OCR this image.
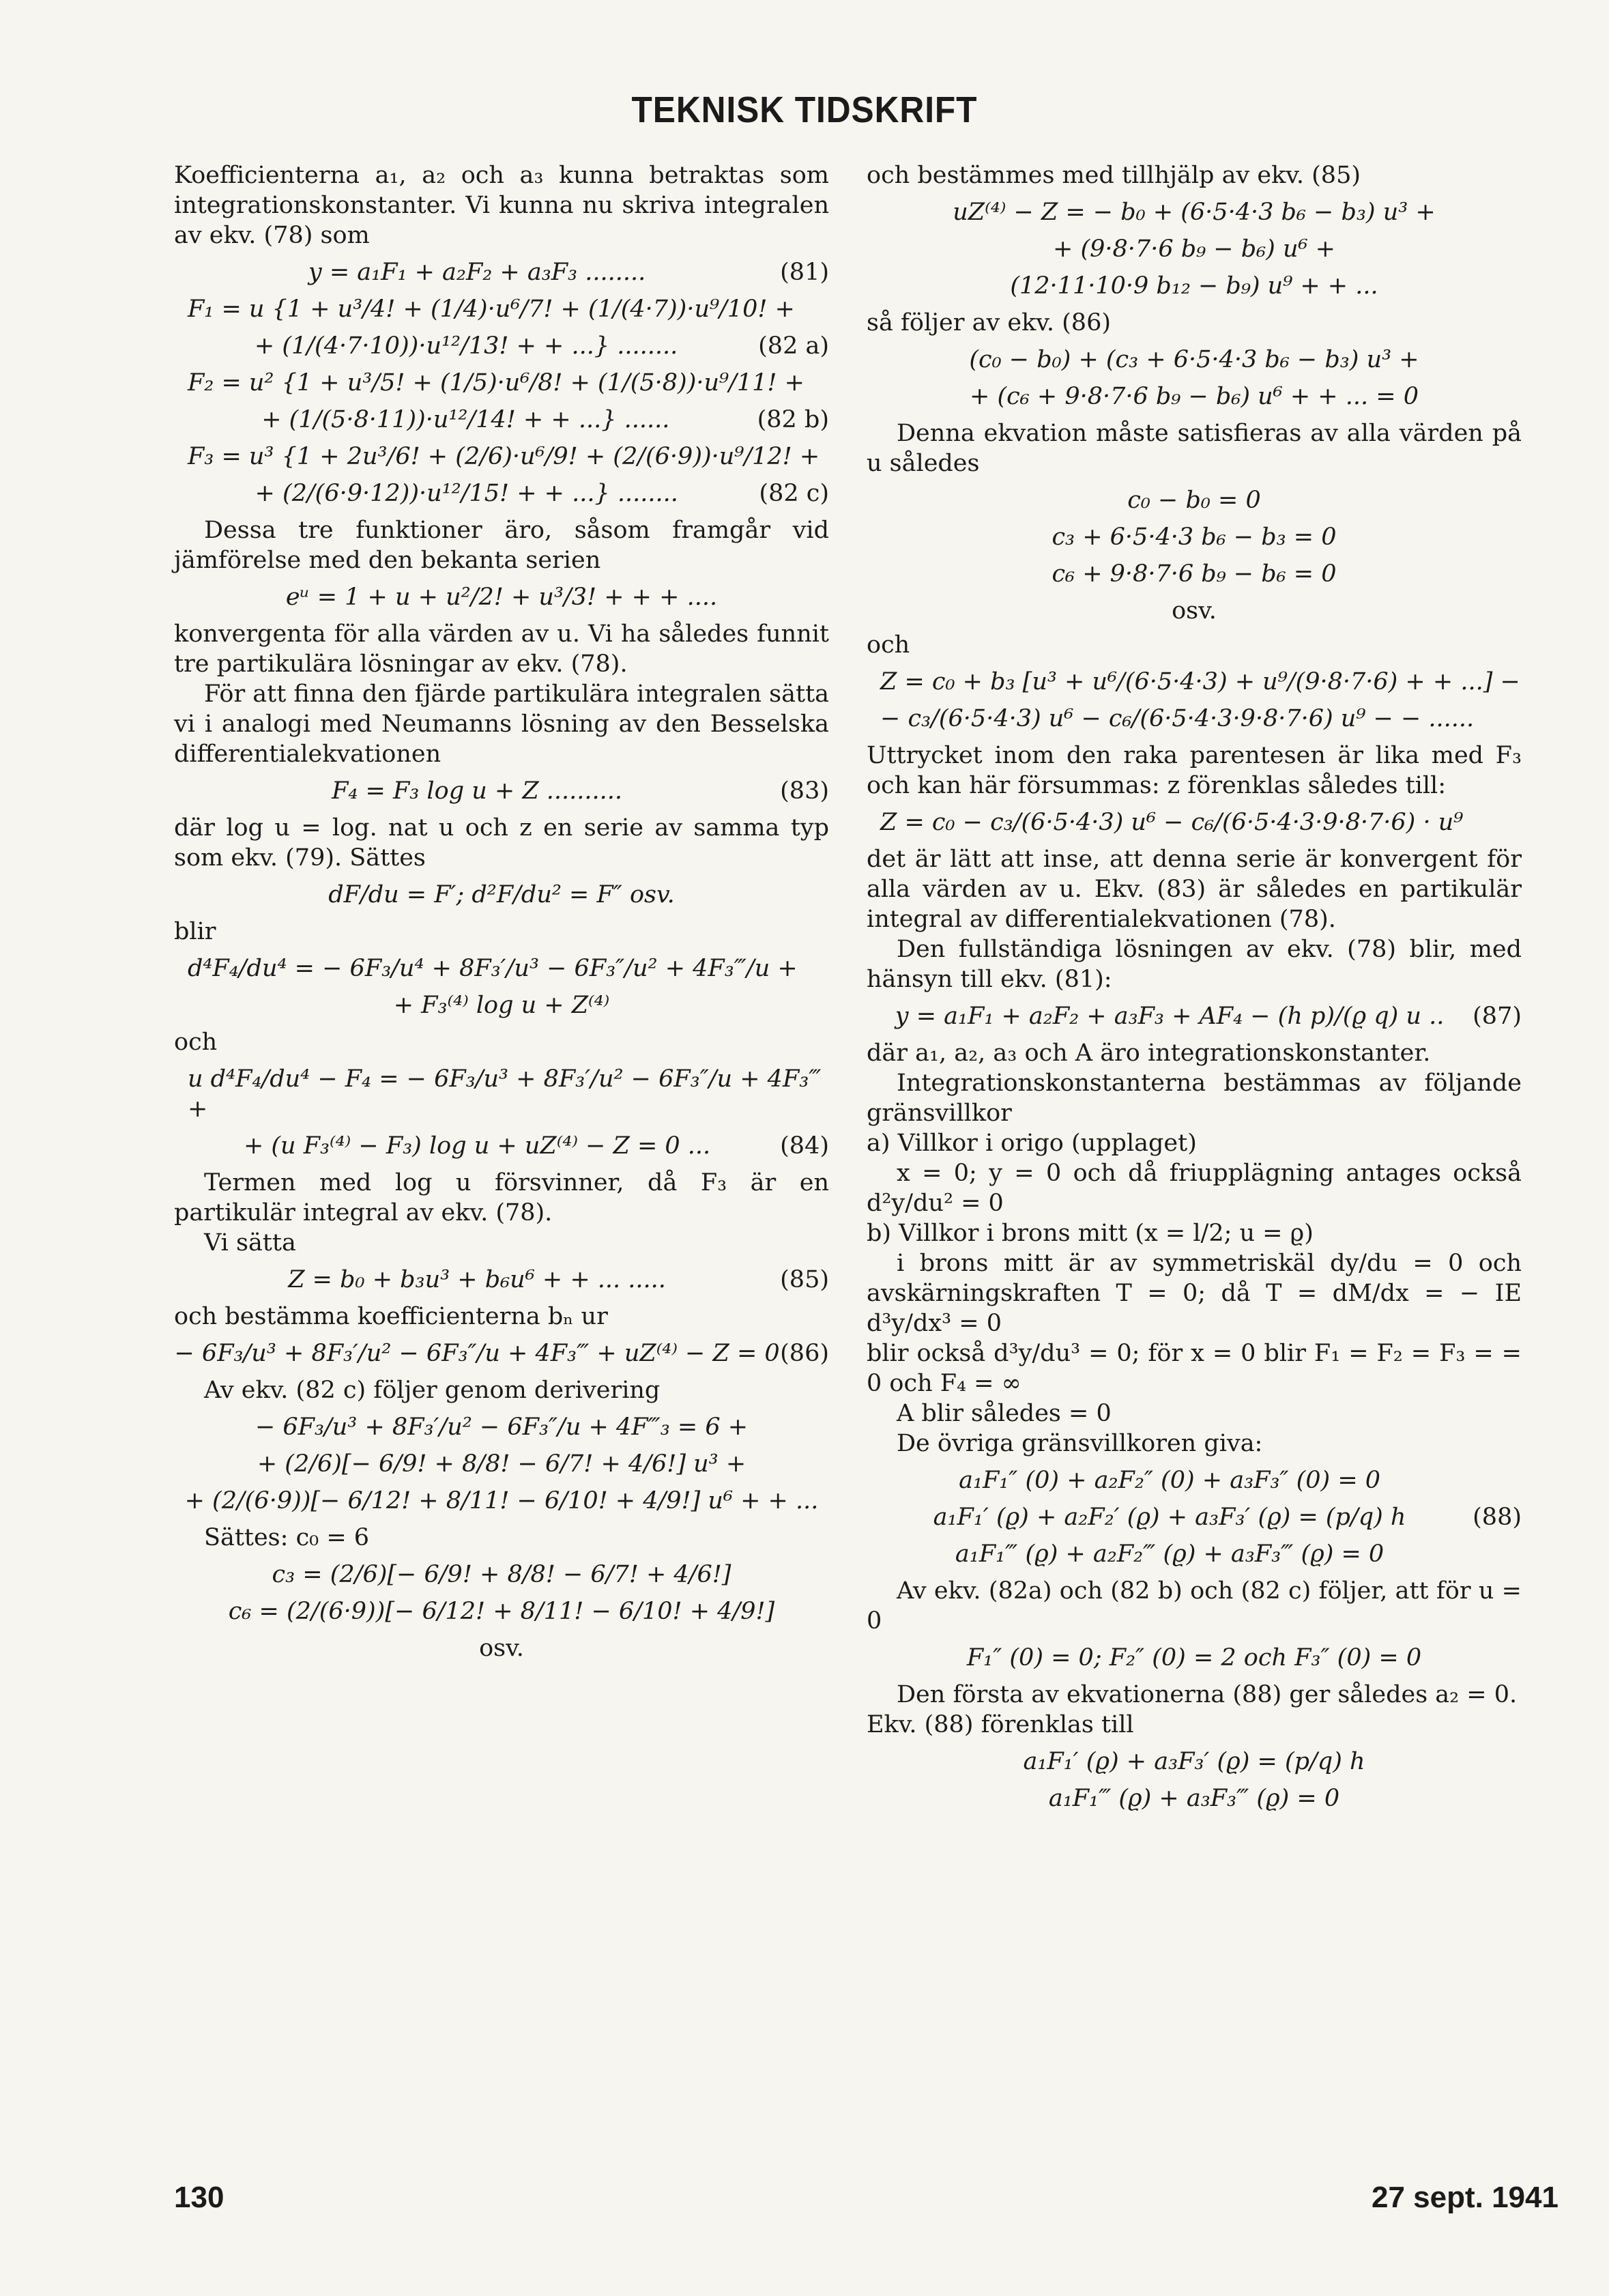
TEKNISK TIDSKRIFT

Koefficienterna a₁, a₂ och a₃ kunna betraktas som integrationskonstanter. Vi kunna nu skriva integralen av ekv. (78) som

y = a₁F₁ + a₂F₂ + a₃F₃ ........	(81)
F₁ = u {1 + u³/4! + (1/4)·u⁶/7! + (1/(4·7))·u⁹/10! +
+ (1/(4·7·10))·u¹²/13! + + ...} ........	(82 a)
F₂ = u² {1 + u³/5! + (1/5)·u⁶/8! + (1/(5·8))·u⁹/11! +
+ (1/(5·8·11))·u¹²/14! + + ...} ......	(82 b)
F₃ = u³ {1 + 2u³/6! + (2/6)·u⁶/9! + (2/(6·9))·u⁹/12! +
+ (2/(6·9·12))·u¹²/15! + + ...} ........	(82 c)

Dessa tre funktioner äro, såsom framgår vid jämförelse med den bekanta serien

eᵘ = 1 + u + u²/2! + u³/3! + + + ....

konvergenta för alla värden av u. Vi ha således funnit tre partikulära lösningar av ekv. (78).

För att finna den fjärde partikulära integralen sätta vi i analogi med Neumanns lösning av den Besselska differentialekvationen

F₄ = F₃ log u + Z ..........	(83)

där log u = log. nat u och z en serie av samma typ som ekv. (79). Sättes

dF/du = F′; d²F/du² = F″ osv.

blir

d⁴F₄/du⁴ = − 6F₃/u⁴ + 8F₃′/u³ − 6F₃″/u² + 4F₃‴/u +
+ F₃⁽⁴⁾ log u + Z⁽⁴⁾

och

u d⁴F₄/du⁴ − F₄ = − 6F₃/u³ + 8F₃′/u² − 6F₃″/u + 4F₃‴ +
+ (u F₃⁽⁴⁾ − F₃) log u + uZ⁽⁴⁾ − Z = 0 ...	(84)

Termen med log u försvinner, då F₃ är en partikulär integral av ekv. (78).

Vi sätta

Z = b₀ + b₃u³ + b₆u⁶ + + ... .....	(85)

och bestämma koefficienterna bₙ ur

− 6F₃/u³ + 8F₃′/u² − 6F₃″/u + 4F₃‴ + uZ⁽⁴⁾ − Z = 0 (86)

Av ekv. (82 c) följer genom derivering

− 6F₃/u³ + 8F₃′/u² − 6F₃″/u + 4F‴₃ = 6 +
+ (2/6)[− 6/9! + 8/8! − 6/7! + 4/6!] u³ +
+ (2/(6·9))[− 6/12! + 8/11! − 6/10! + 4/9!] u⁶ + + ...

Sättes: c₀ = 6

c₃ = (2/6)[− 6/9! + 8/8! − 6/7! + 4/6!]
c₆ = (2/(6·9))[− 6/12! + 8/11! − 6/10! + 4/9!]
osv.

och bestämmes med tillhjälp av ekv. (85)

uZ⁽⁴⁾ − Z = − b₀ + (6·5·4·3 b₆ − b₃) u³ +
+ (9·8·7·6 b₉ − b₆) u⁶ +
(12·11·10·9 b₁₂ − b₉) u⁹ + + ...

så följer av ekv. (86)

(c₀ − b₀) + (c₃ + 6·5·4·3 b₆ − b₃) u³ +
+ (c₆ + 9·8·7·6 b₉ − b₆) u⁶ + + ... = 0

Denna ekvation måste satisfieras av alla värden på u således

c₀ − b₀ = 0
c₃ + 6·5·4·3 b₆ − b₃ = 0
c₆ + 9·8·7·6 b₉ − b₆ = 0
osv.

och

Z = c₀ + b₃ [u³ + u⁶/(6·5·4·3) + u⁹/(9·8·7·6) + + ...] −
− c₃/(6·5·4·3) u⁶ − c₆/(6·5·4·3·9·8·7·6) u⁹ − − ......

Uttrycket inom den raka parentesen är lika med F₃ och kan här försummas: z förenklas således till:

Z = c₀ − c₃/(6·5·4·3) u⁶ − c₆/(6·5·4·3·9·8·7·6) · u⁹

det är lätt att inse, att denna serie är konvergent för alla värden av u. Ekv. (83) är således en partikulär integral av differentialekvationen (78).

Den fullständiga lösningen av ekv. (78) blir, med hänsyn till ekv. (81):

y = a₁F₁ + a₂F₂ + a₃F₃ + AF₄ − (h p)/(ϱ q) u ..	(87)

där a₁, a₂, a₃ och A äro integrationskonstanter.

Integrationskonstanterna bestämmas av följande gränsvillkor

a) Villkor i origo (upplaget)

x = 0; y = 0 och då friupplägning antages också d²y/du² = 0

b) Villkor i brons mitt (x = l/2; u = ϱ)

i brons mitt är av symmetriskäl dy/du = 0 och avskärningskraften T = 0; då T = dM/dx = − IE d³y/dx³ = 0

blir också d³y/du³ = 0; för x = 0 blir F₁ = F₂ = F₃ = = 0 och F₄ = ∞

A blir således = 0

De övriga gränsvillkoren giva:

a₁F₁″ (0) + a₂F₂″ (0) + a₃F₃″ (0) = 0
a₁F₁′ (ϱ) + a₂F₂′ (ϱ) + a₃F₃′ (ϱ) = (p/q) h
a₁F₁‴ (ϱ) + a₂F₂‴ (ϱ) + a₃F₃‴ (ϱ) = 0
(88)

Av ekv. (82a) och (82 b) och (82 c) följer, att för u = 0

F₁″ (0) = 0; F₂″ (0) = 2 och F₃″ (0) = 0

Den första av ekvationerna (88) ger således a₂ = 0.

Ekv. (88) förenklas till

a₁F₁′ (ϱ) + a₃F₃′ (ϱ) = (p/q) h
a₁F₁‴ (ϱ) + a₃F₃‴ (ϱ) = 0
130	27 sept. 1941
